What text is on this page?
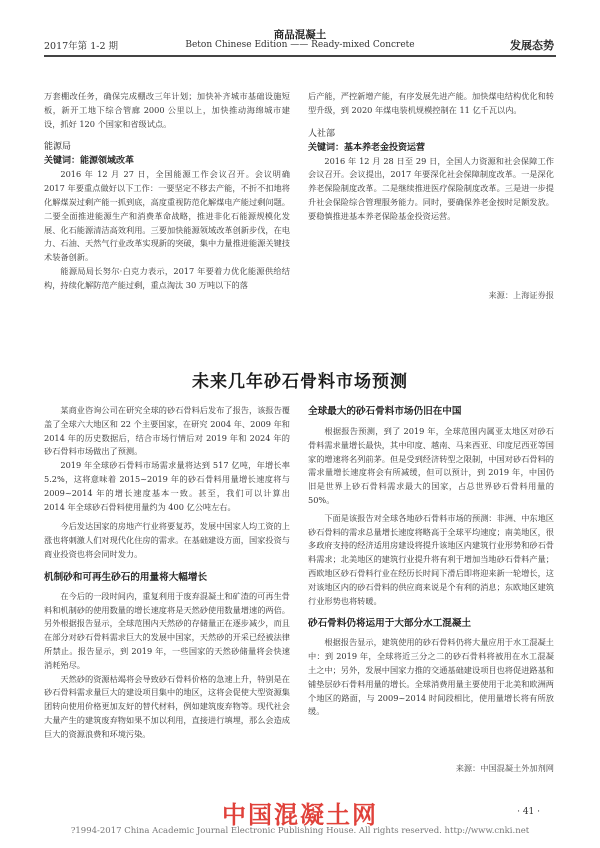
2017年第 1-2 期
商品混凝土
Beton Chinese Edition —— Ready-mixed Concrete	发展态势

万套棚改任务，确保完成棚改三年计划；加快补齐城市基础设施短板，新开工地下综合管廊 2000 公里以上，加快推动海绵城市建设，抓好 120 个国家和省级试点。

能源局
关键词：能源领域改革

2016 年 12 月 27 日，全国能源工作会议召开。会议明确 2017 年要重点做好以下工作：一要坚定不移去产能，不折不扣地将化解煤炭过剩产能一抓到底，高度重视防范化解煤电产能过剩问题。二要全面推进能源生产和消费革命战略，推进非化石能源规模化发展、化石能源清洁高效利用。三要加快能源领域改革创新步伐，在电力、石油、天然气行业改革实现新的突破，集中力量推进能源关键技术装备创新。

能源局局长努尔·白克力表示，2017 年要着力优化能源供给结构，持续化解防范产能过剩，重点淘汰 30 万吨以下的落

后产能，严控新增产能，有序发展先进产能。加快煤电结构优化和转型升级，到 2020 年煤电装机规模控制在 11 亿千瓦以内。

人社部
关键词：基本养老金投资运营

2016 年 12 月 28 日至 29 日，全国人力资源和社会保障工作会议召开。会议提出，2017 年要深化社会保障制度改革。一是深化养老保险制度改革。二是继续推进医疗保险制度改革。三是进一步提升社会保险综合管理服务能力。同时，要确保养老金按时足额发放。要稳慎推进基本养老保险基金投资运营。

来源：上海证券报
未来几年砂石骨料市场预测

某商业咨询公司在研究全球的砂石骨料后发布了报告，该报告覆盖了全球六大地区和 22 个主要国家，在研究 2004 年、2009 年和 2014 年的历史数据后，结合市场行情后对 2019 年和 2024 年的砂石骨料市场做出了预测。

2019 年全球砂石骨料市场需求量将达到 517 亿吨，年增长率 5.2%，这将意味着 2015~2019 年的砂石骨料用量增长速度将与 2009~2014 年的增长速度基本一致。甚至，我们可以计算出 2014 年全球砂石骨料使用量约为 400 亿公吨左右。

今后发达国家的房地产行业将要复苏，发展中国家人均工资的上涨也将刺激人们对现代化住房的需求。在基础建设方面，国家投资与商业投资也将会同时发力。

机制砂和可再生砂石的用量将大幅增长

在今后的一段时间内，重复利用于废弃混凝土和矿渣的可再生骨料和机制砂的使用数量的增长速度将是天然砂使用数量增速的两倍。另外根据报告显示，全球范围内天然砂的存储量正在逐步减少，而且在部分对砂石骨料需求巨大的发展中国家，天然砂的开采已经被法律所禁止。报告显示，到 2019 年，一些国家的天然砂储量将会快速消耗殆尽。

天然砂的资源枯竭将会导致砂石骨料价格的急速上升，特别是在砂石骨料需求量巨大的建设项目集中的地区，这将会促使大型资源集团转向使用价格更加友好的替代材料，例如建筑废弃物等。现代社会大量产生的建筑废弃物如果不加以利用，直接进行填埋，那么会造成巨大的资源浪费和环境污染。

全球最大的砂石骨料市场仍旧在中国

根据报告预测，到了 2019 年，全球范围内属亚太地区对砂石骨料需求量增长最快，其中印度、越南、马来西亚、印度尼西亚等国家的增速将名列前茅。但是受到经济转型之限制，中国对砂石骨料的需求量增长速度将会有所减缓，但可以预计，到 2019 年，中国仍旧是世界上砂石骨料需求最大的国家，占总世界砂石骨料用量的 50%。

下面是该报告对全球各地砂石骨料市场的预测：非洲、中东地区砂石骨料的需求总量增长速度将略高于全球平均速度；南美地区，很多政府支持的经济适用房建设将提升该地区内建筑行业形势和砂石骨料需求；北美地区的建筑行业提升将有利于增加当地砂石骨料产量；西欧地区砂石骨料行业在经历长时间下滑后即将迎来新一轮增长，这对该地区内的砂石骨料的供应商来说是个有利的消息；东欧地区建筑行业形势也将转暖。

砂石骨料仍将运用于大部分水工混凝土

根据报告显示，建筑使用的砂石骨料仍将大量应用于水工混凝土中：到 2019 年，全球将近三分之二的砂石骨料将被用在水工混凝土之中；另外，发展中国家力推的交通基础建设项目也将促进路基和铺垫层砂石骨料用量的增长。全球消费用量主要使用于北美和欧洲两个地区的路面，与 2009~2014 时间段相比，使用量增长将有所放缓。

来源：中国混凝土外加剂网
· 41 ·
中国混凝土网
?1994-2017 China Academic Journal Electronic Publishing House. All rights reserved. http://www.cnki.net
